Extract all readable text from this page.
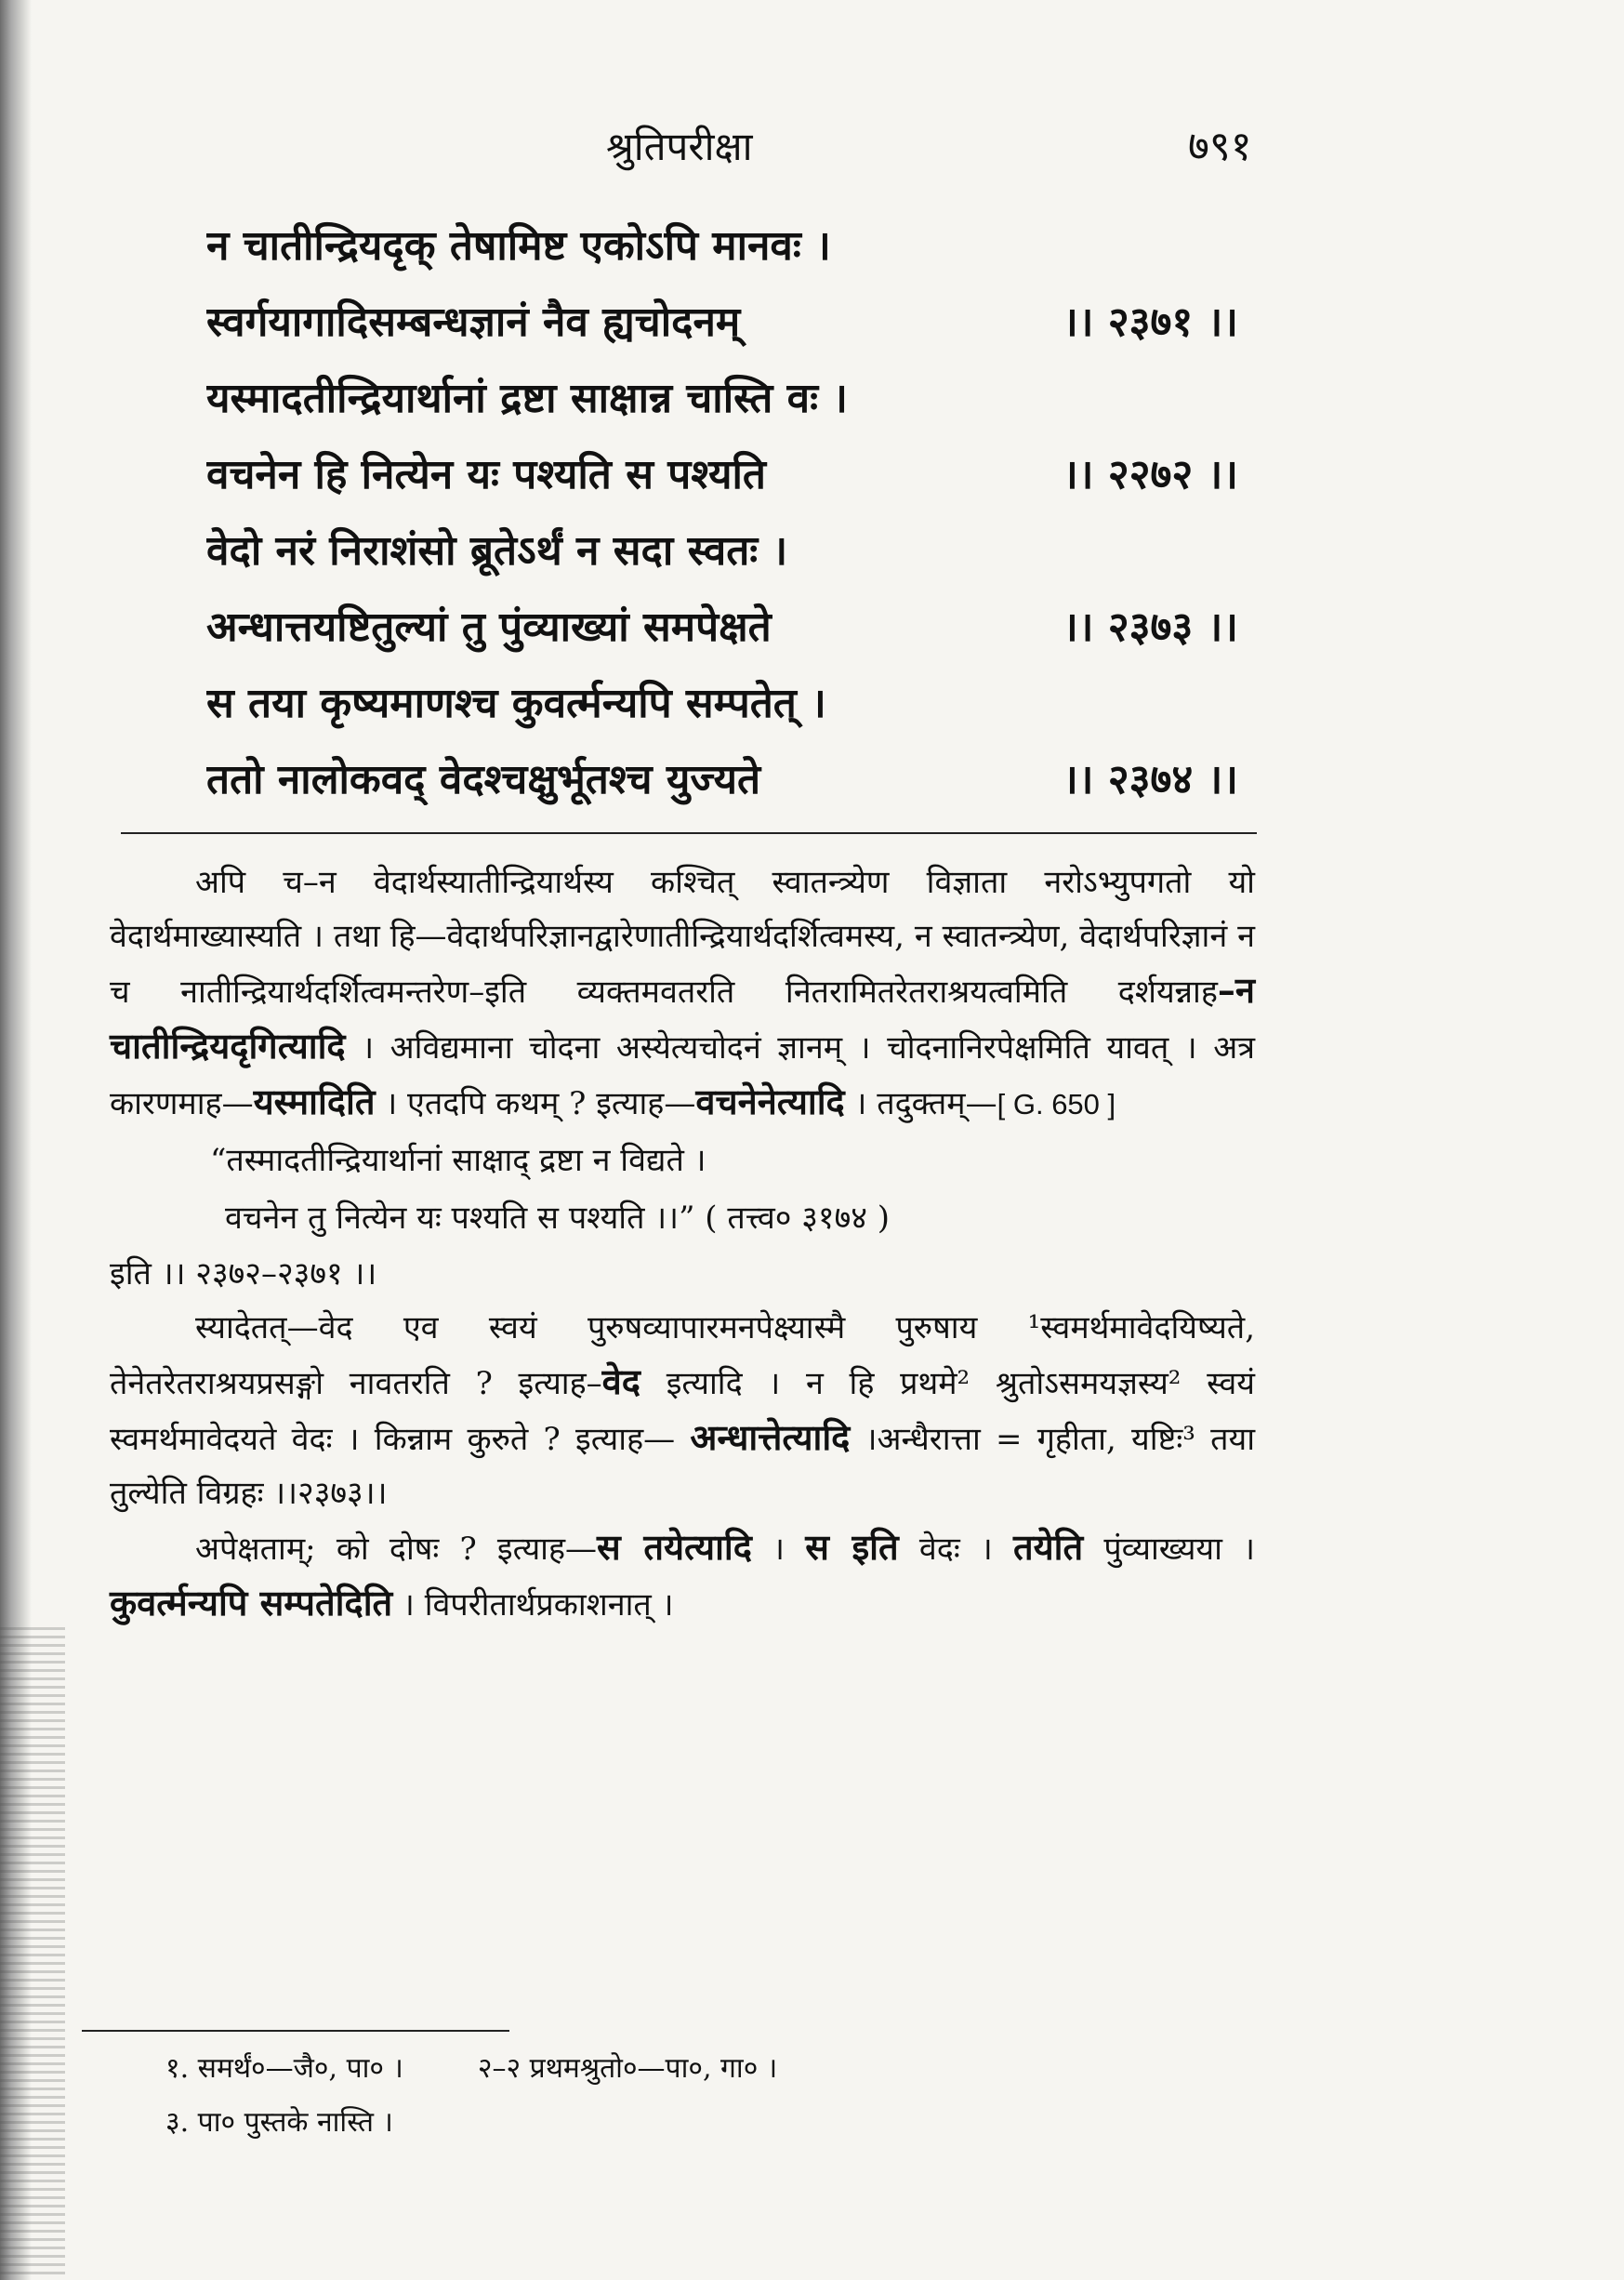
श्रुतिपरीक्षा	७९१
न चातीन्द्रियदृक् तेषामिष्ट एकोऽपि मानवः ।
स्वर्गयागादिसम्बन्धज्ञानं नैव ह्यचोदनम्	।। २३७१ ।।
यस्मादतीन्द्रियार्थानां द्रष्टा साक्षान्न चास्ति वः ।
वचनेन हि नित्येन यः पश्यति स पश्यति	।। २२७२ ।।
वेदो नरं निराशंसो ब्रूतेऽर्थं न सदा स्वतः ।
अन्धात्तयष्टितुल्यां तु पुंव्याख्यां समपेक्षते	।। २३७३ ।।
स तया कृष्यमाणश्च कुवर्त्मन्यपि सम्पतेत् ।
ततो नालोकवद् वेदश्चक्षुर्भूतश्च युज्यते	।। २३७४ ।।

अपि च–न वेदार्थस्यातीन्द्रियार्थस्य कश्चित् स्वातन्त्र्येण विज्ञाता नरोऽभ्युपगतो यो वेदार्थमाख्यास्यति । तथा हि—वेदार्थपरिज्ञानद्वारेणातीन्द्रियार्थदर्शित्वमस्य, न स्वातन्त्र्येण, वेदार्थपरिज्ञानं न च नातीन्द्रियार्थदर्शित्वमन्तरेण–इति व्यक्तमवतरति नितरामितरेतराश्रयत्वमिति दर्शयन्नाह–न चातीन्द्रियदृगित्यादि । अविद्यमाना चोदना अस्येत्यचोदनं ज्ञानम् । चोदनानिरपेक्षमिति यावत् । अत्र कारणमाह—यस्मादिति । एतदपि कथम् ? इत्याह—वचनेनेत्यादि । तदुक्तम्—[ G. 650 ]

“तस्मादतीन्द्रियार्थानां साक्षाद् द्रष्टा न विद्यते ।

वचनेन तु नित्येन यः पश्यति स पश्यति ।।” ( तत्त्व० ३१७४ )

इति ।। २३७२–२३७१ ।।

स्यादेतत्—वेद एव स्वयं पुरुषव्यापारमनपेक्ष्यास्मै पुरुषाय ¹स्वमर्थमावेदयिष्यते, तेनेतरेतराश्रयप्रसङ्गो नावतरति ? इत्याह–वेद इत्यादि । न हि प्रथमे² श्रुतोऽसमयज्ञस्य² स्वयं स्वमर्थमावेदयते वेदः । किन्नाम कुरुते ? इत्याह— अन्धात्तेत्यादि ।अन्धैरात्ता = गृहीता, यष्टिः³ तया तुल्येति विग्रहः ।।२३७३।।

अपेक्षताम्; को दोषः ? इत्याह—स तयेत्यादि । स इति वेदः । तयेति पुंव्याख्यया । कुवर्त्मन्यपि सम्पतेदिति । विपरीतार्थप्रकाशनात् ।

१. समर्थं०—जै०, पा० ।	२–२ प्रथमश्रुतो०—पा०, गा० ।
३. पा० पुस्तके नास्ति ।
